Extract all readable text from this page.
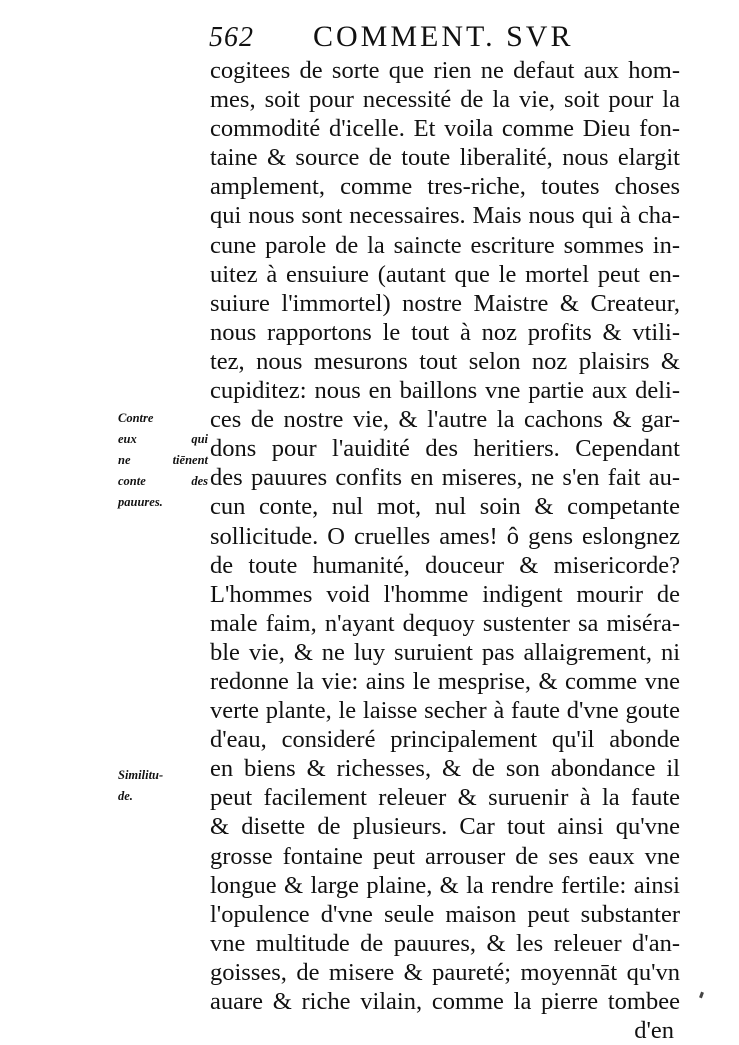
562 COMMENT. SVR
Contre
eux qui
ne tiēnent
conte des
pauures.
Similitu-
de.
cogitees de sorte que rien ne defaut aux hom-
mes, soit pour necessité de la vie, soit pour la
commodité d'icelle. Et voila comme Dieu fon-
taine & source de toute liberalité, nous elargit
amplement, comme tres-riche, toutes choses
qui nous sont necessaires. Mais nous qui à cha-
cune parole de la saincte escriture sommes in-
uitez à ensuiure (autant que le mortel peut en-
suiure l'immortel) nostre Maistre & Createur,
nous rapportons le tout à noz profits & vtili-
tez, nous mesurons tout selon noz plaisirs &
cupiditez: nous en baillons vne partie aux deli-
ces de nostre vie, & l'autre la cachons & gar-
dons pour l'auidité des heritiers. Cependant
des pauures confits en miseres, ne s'en fait au-
cun conte, nul mot, nul soin & competante
sollicitude. O cruelles ames! ô gens eslongnez
de toute humanité, douceur & misericorde?
L'hommes void l'homme indigent mourir de
male faim, n'ayant dequoy sustenter sa miséra-
ble vie, & ne luy suruient pas allaigrement, ni
redonne la vie: ains le mesprise, & comme vne
verte plante, le laisse secher à faute d'vne goute
d'eau, consideré principalement qu'il abonde
en biens & richesses, & de son abondance il
peut facilement releuer & suruenir à la faute
& disette de plusieurs. Car tout ainsi qu'vne
grosse fontaine peut arrouser de ses eaux vne
longue & large plaine, & la rendre fertile: ainsi
l'opulence d'vne seule maison peut substanter
vne multitude de pauures, & les releuer d'an-
goisses, de misere & paureté; moyennāt qu'vn
auare & riche vilain, comme la pierre tombee
d'en
